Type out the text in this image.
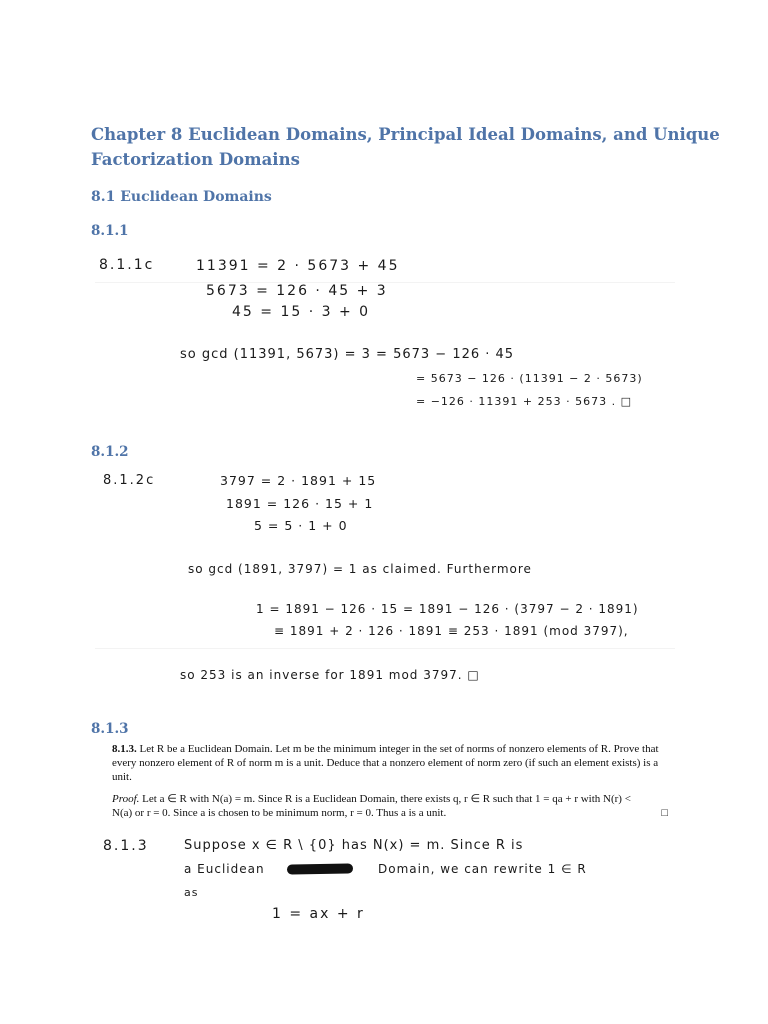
Chapter 8 Euclidean Domains, Principal Ideal Domains, and Unique Factorization Domains
8.1 Euclidean Domains
8.1.1
8.1.1c	11391 = 2 · 5673 + 45
5673 = 126 · 45 + 3
45 = 15 · 3 + 0
so gcd (11391, 5673) = 3 = 5673 − 126 · 45
= 5673 − 126 · (11391 − 2 · 5673)
= −126 · 11391 + 253 · 5673 . □
8.1.2
8.1.2c	3797 = 2 · 1891 + 15
1891 = 126 · 15 + 1
5 = 5 · 1 + 0
so gcd (1891, 3797) = 1 as claimed. Furthermore
1 = 1891 − 126 · 15 = 1891 − 126 · (3797 − 2 · 1891)
≡ 1891 + 2 · 126 · 1891 ≡ 253 · 1891 (mod 3797),
so 253 is an inverse for 1891 mod 3797. □
8.1.3
8.1.3. Let R be a Euclidean Domain. Let m be the minimum integer in the set of norms of nonzero elements of R. Prove that every nonzero element of R of norm m is a unit. Deduce that a nonzero element of norm zero (if such an element exists) is a unit.
Proof. Let a ∈ R with N(a) = m. Since R is a Euclidean Domain, there exists q, r ∈ R such that 1 = qa + r with N(r) < N(a) or r = 0. Since a is chosen to be minimum norm, r = 0. Thus a is a unit.	□
8.1.3	Suppose x ∈ R \ {0} has N(x) = m. Since R is
a Euclidean	Domain, we can rewrite 1 ∈ R
as
1 = ax + r
